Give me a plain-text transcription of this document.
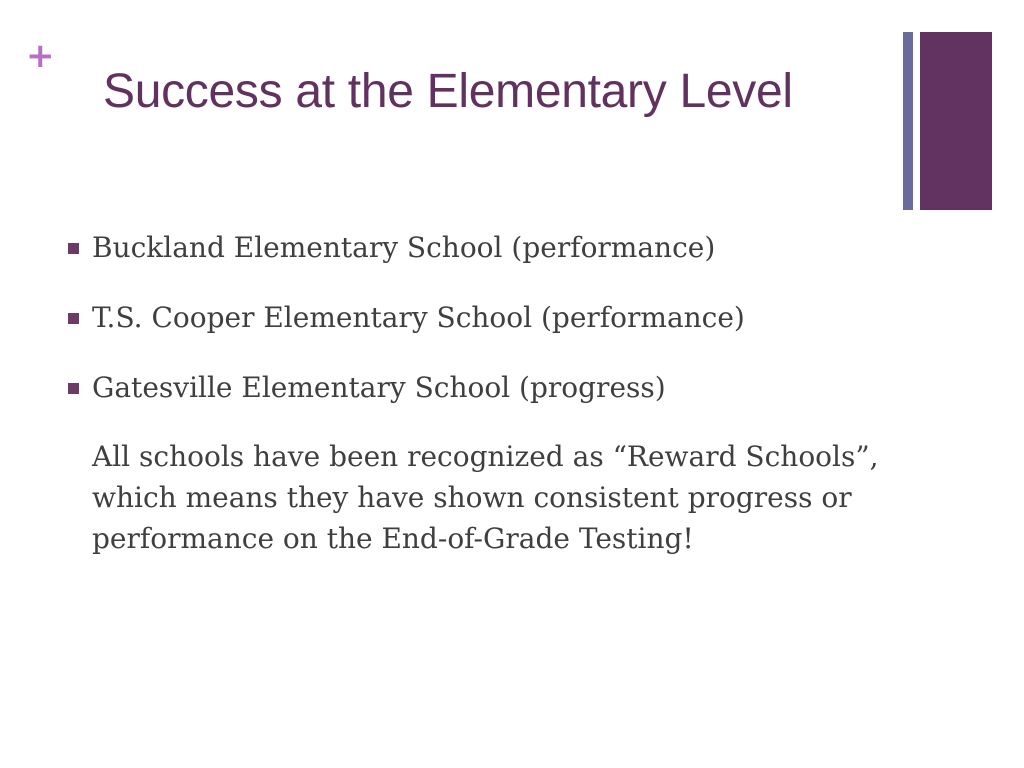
+
Success at the Elementary Level
Buckland Elementary School (performance)
T.S. Cooper Elementary School (performance)
Gatesville Elementary School (progress)

All schools have been recognized as “Reward Schools”, which means they have shown consistent progress or performance on the End-of-Grade Testing!
